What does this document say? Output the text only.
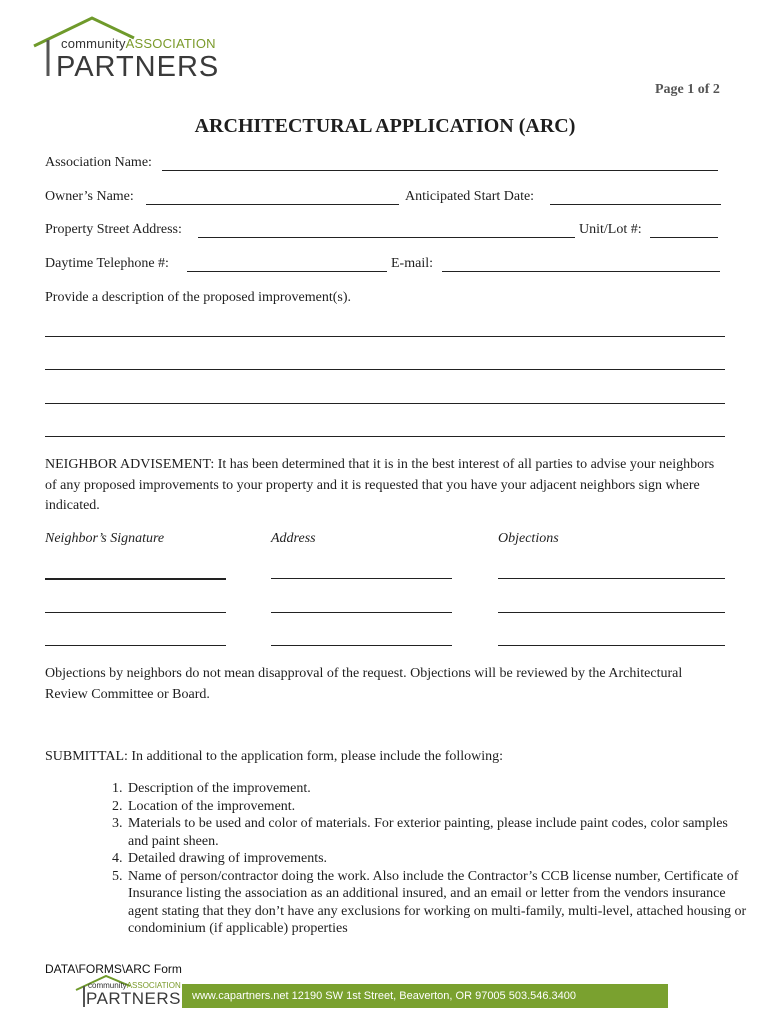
communityASSOCIATION
PARTNERS
Page 1 of 2
ARCHITECTURAL APPLICATION (ARC)
Association Name:
Owner’s Name:	Anticipated Start Date:
Property Street Address:	Unit/Lot #:
Daytime Telephone #:	E-mail:
Provide a description of the proposed improvement(s).
NEIGHBOR ADVISEMENT: It has been determined that it is in the best interest of all parties to advise your neighbors of any proposed improvements to your property and it is requested that you have your adjacent neighbors sign where indicated.
Neighbor’s Signature	Address	Objections
Objections by neighbors do not mean disapproval of the request. Objections will be reviewed by the Architectural Review Committee or Board.
SUBMITTAL: In additional to the application form, please include the following:
1. Description of the improvement.
2. Location of the improvement.
3. Materials to be used and color of materials. For exterior painting, please include paint codes, color samples and paint sheen.
4. Detailed drawing of improvements.
5. Name of person/contractor doing the work. Also include the Contractor’s CCB license number, Certificate of Insurance listing the association as an additional insured, and an email or letter from the vendors insurance agent stating that they don’t have any exclusions for working on multi-family, multi-level, attached housing or condominium (if applicable) properties
DATA\FORMS\ARC Form
communityASSOCIATION
PARTNERS www.capartners.net 12190 SW 1st Street, Beaverton, OR 97005 503.546.3400
